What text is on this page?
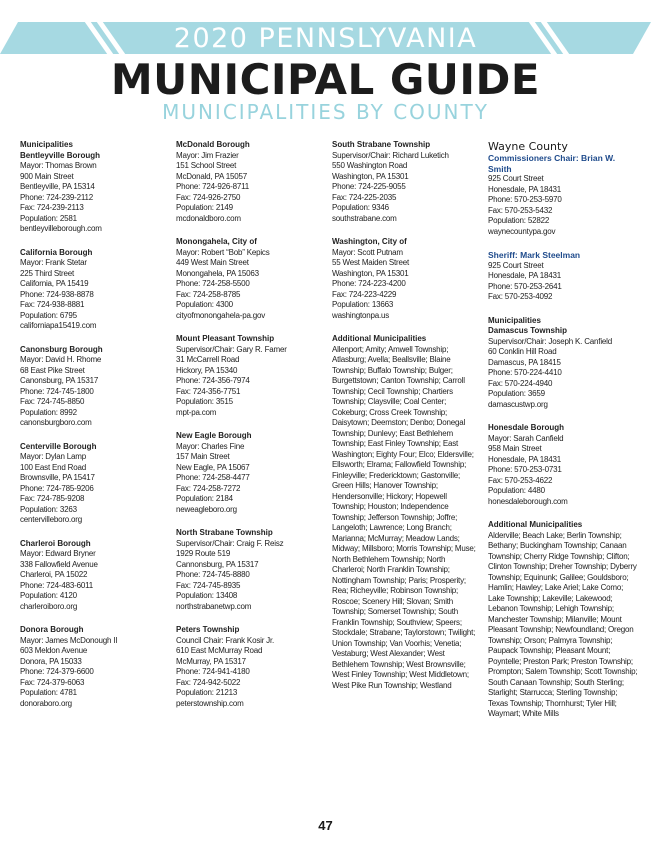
2020 PENNSLYVANIA
MUNICIPAL GUIDE
MUNICIPALITIES BY COUNTY
Municipalities
Bentleyville Borough
Mayor: Thomas Brown
900 Main Street
Bentleyville, PA 15314
Phone: 724-239-2112
Fax: 724-239-2113
Population: 2581
bentleyvilleborough.com
California Borough
Mayor: Frank Stetar
225 Third Street
California, PA 15419
Phone: 724-938-8878
Fax: 724-938-8881
Population: 6795
californiapa15419.com
Canonsburg Borough
Mayor: David H. Rhome
68 East Pike Street
Canonsburg, PA 15317
Phone: 724-745-1800
Fax: 724-745-8850
Population: 8992
canonsburgboro.com
Centerville Borough
Mayor: Dylan Lamp
100 East End Road
Brownsville, PA 15417
Phone: 724-785-9206
Fax: 724-785-9208
Population: 3263
centervilleboro.org
Charleroi Borough
Mayor: Edward Bryner
338 Fallowfield Avenue
Charleroi, PA 15022
Phone: 724-483-6011
Population: 4120
charleroiboro.org
Donora Borough
Mayor: James McDonough II
603 Meldon Avenue
Donora, PA 15033
Phone: 724-379-6600
Fax: 724-379-6063
Population: 4781
donoraboro.org
McDonald Borough
Mayor: Jim Frazier
151 School Street
McDonald, PA 15057
Phone: 724-926-8711
Fax: 724-926-2750
Population: 2149
mcdonaldboro.com
Monongahela, City of
Mayor: Robert “Bob” Kepics
449 West Main Street
Monongahela, PA 15063
Phone: 724-258-5500
Fax: 724-258-8785
Population: 4300
cityofmonongahela-pa.gov
Mount Pleasant Township
Supervisor/Chair: Gary R. Famer
31 McCarrell Road
Hickory, PA 15340
Phone: 724-356-7974
Fax: 724-356-7751
Population: 3515
mpt-pa.com
New Eagle Borough
Mayor: Charles Fine
157 Main Street
New Eagle, PA 15067
Phone: 724-258-4477
Fax: 724-258-7272
Population: 2184
neweagleboro.org
North Strabane Township
Supervisor/Chair: Craig F. Reisz
1929 Route 519
Cannonsburg, PA 15317
Phone: 724-745-8880
Fax: 724-745-8935
Population: 13408
northstrabanetwp.com
Peters Township
Council Chair: Frank Kosir Jr.
610 East McMurray Road
McMurray, PA 15317
Phone: 724-941-4180
Fax: 724-942-5022
Population: 21213
peterstownship.com
South Strabane Township
Supervisor/Chair: Richard Luketich
550 Washington Road
Washington, PA 15301
Phone: 724-225-9055
Fax: 724-225-2035
Population: 9346
southstrabane.com
Washington, City of
Mayor: Scott Putnam
55 West Maiden Street
Washington, PA 15301
Phone: 724-223-4200
Fax: 724-223-4229
Population: 13663
washingtonpa.us
Additional Municipalities
Allenport; Amity; Amwell Township; Atlasburg; Avella; Beallsville; Blaine Township; Buffalo Township; Bulger; Burgettstown; Canton Township; Carroll Township; Cecil Township; Chartiers Township; Claysville; Coal Center; Cokeburg; Cross Creek Township; Daisytown; Deemston; Denbo; Donegal Township; Dunlevy; East Bethlehem Township; East Finley Township; East Washington; Eighty Four; Elco; Eldersville; Ellsworth; Elrama; Fallowfield Township; Finleyville; Fredericktown; Gastonville; Green Hills; Hanover Township; Hendersonville; Hickory; Hopewell Township; Houston; Independence Township; Jefferson Township; Joffre; Langeloth; Lawrence; Long Branch; Marianna; McMurray; Meadow Lands; Midway; Millsboro; Morris Township; Muse; North Bethlehem Township; North Charleroi; North Franklin Township; Nottingham Township; Paris; Prosperity; Rea; Richeyville; Robinson Township; Roscoe; Scenery Hill; Slovan; Smith Township; Somerset Township; South Franklin Township; Southview; Speers; Stockdale; Strabane; Taylorstown; Twilight; Union Township; Van Voorhis; Venetia; Vestaburg; West Alexander; West Bethlehem Township; West Brownsville; West Finley Township; West Middletown; West Pike Run Township; Westland
Wayne County
Commissioners Chair: Brian W. Smith
925 Court Street
Honesdale, PA 18431
Phone: 570-253-5970
Fax: 570-253-5432
Population: 52822
waynecountypa.gov
Sheriff: Mark Steelman
925 Court Street
Honesdale, PA 18431
Phone: 570-253-2641
Fax: 570-253-4092
Municipalities
Damascus Township
Supervisor/Chair: Joseph K. Canfield
60 Conklin Hill Road
Damascus, PA 18415
Phone: 570-224-4410
Fax: 570-224-4940
Population: 3659
damascustwp.org
Honesdale Borough
Mayor: Sarah Canfield
958 Main Street
Honesdale, PA 18431
Phone: 570-253-0731
Fax: 570-253-4622
Population: 4480
honesdaleborough.com
Additional Municipalities
Alderville; Beach Lake; Berlin Township; Bethany; Buckingham Township; Canaan Township; Cherry Ridge Township; Clifton; Clinton Township; Dreher Township; Dyberry Township; Equinunk; Galilee; Gouldsboro; Hamlin; Hawley; Lake Ariel; Lake Como; Lake Township; Lakeville; Lakewood; Lebanon Township; Lehigh Township; Manchester Township; Milanville; Mount Pleasant Township; Newfoundland; Oregon Township; Orson; Palmyra Township; Paupack Township; Pleasant Mount; Poyntelle; Preston Park; Preston Township; Prompton; Salem Township; Scott Township; South Canaan Township; South Sterling; Starlight; Starrucca; Sterling Township; Texas Township; Thornhurst; Tyler Hill; Waymart; White Mills
47
